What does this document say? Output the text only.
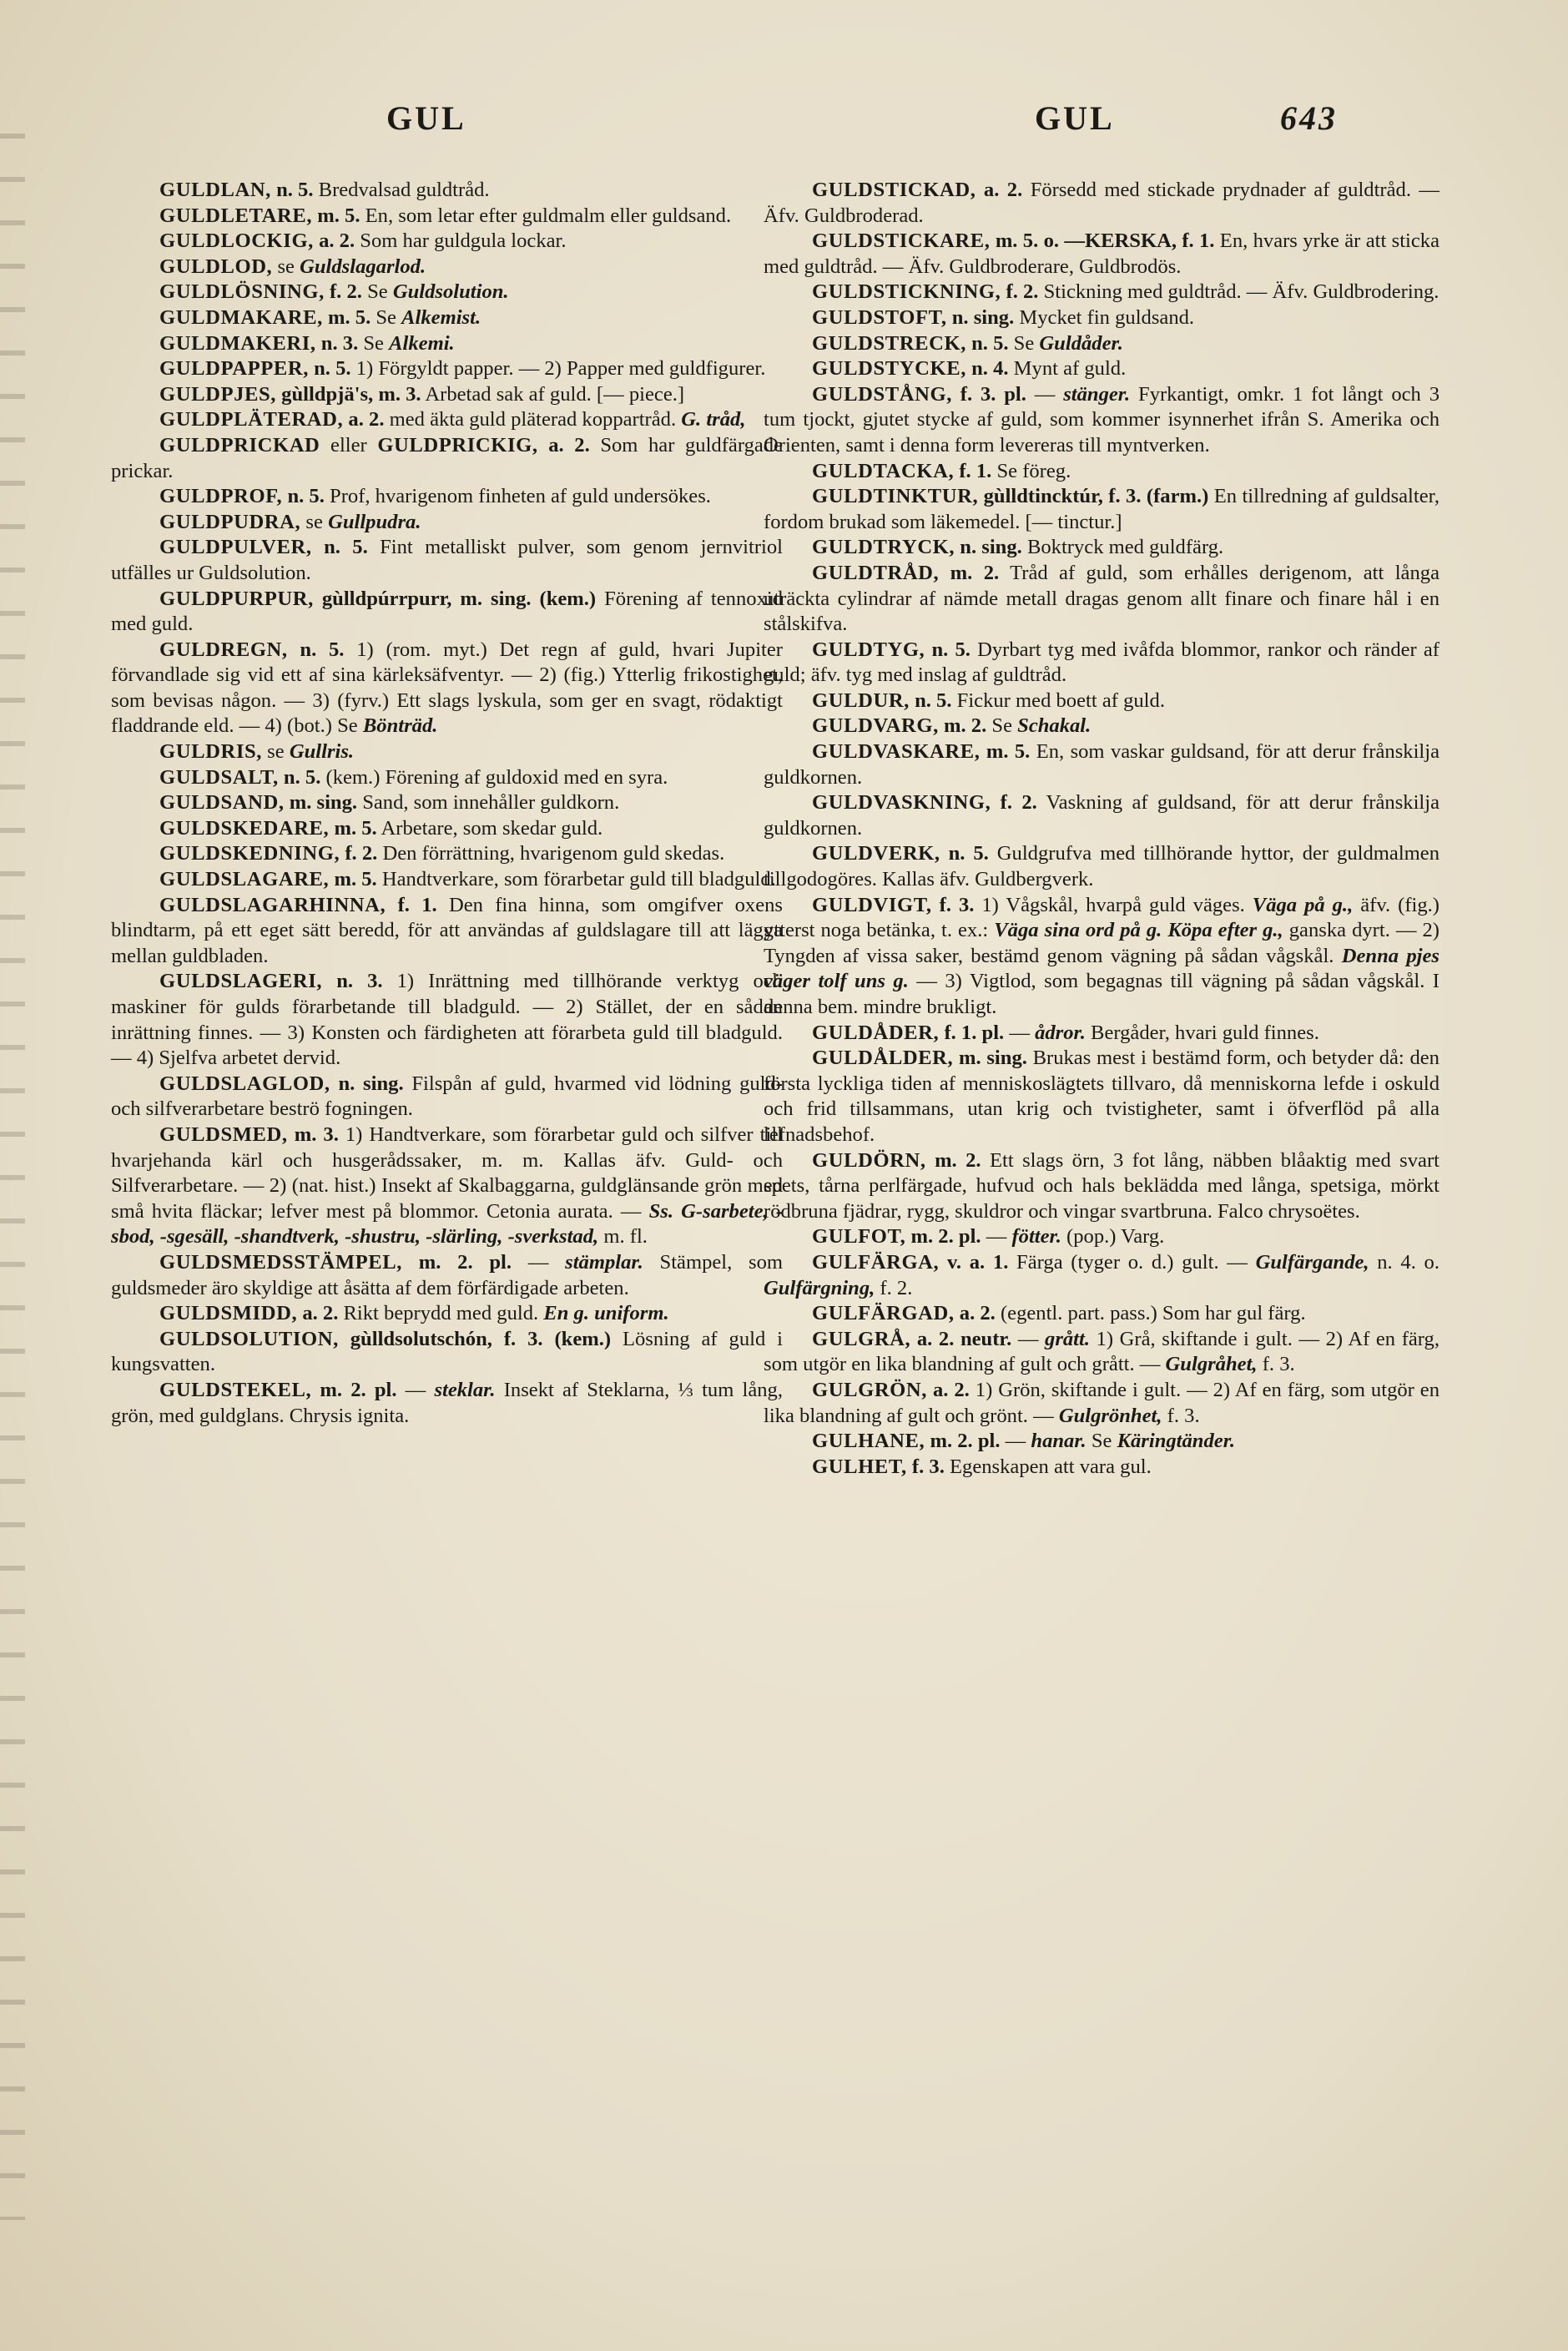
GUL	GUL	643

GULDLAN, n. 5. Bredvalsad guldtråd.

GULDLETARE, m. 5. En, som letar efter guldmalm eller guldsand.

GULDLOCKIG, a. 2. Som har guldgula lockar.

GULDLOD, se Guldslagarlod.

GULDLÖSNING, f. 2. Se Guldsolution.

GULDMAKARE, m. 5. Se Alkemist.

GULDMAKERI, n. 3. Se Alkemi.

GULDPAPPER, n. 5. 1) Förgyldt papper. — 2) Papper med guldfigurer.

GULDPJES, gùlldpjä's, m. 3. Arbetad sak af guld. [— piece.]

GULDPLÄTERAD, a. 2. med äkta guld pläterad koppartråd. G. tråd,

GULDPRICKAD eller GULDPRICKIG, a. 2. Som har guldfärgade prickar.

GULDPROF, n. 5. Prof, hvarigenom finheten af guld undersökes.

GULDPUDRA, se Gullpudra.

GULDPULVER, n. 5. Fint metalliskt pulver, som genom jernvitriol utfälles ur Guldsolution.

GULDPURPUR, gùlldpúrrpurr, m. sing. (kem.) Förening af tennoxid med guld.

GULDREGN, n. 5. 1) (rom. myt.) Det regn af guld, hvari Jupiter förvandlade sig vid ett af sina kärleksäfventyr. — 2) (fig.) Ytterlig frikostighet, som bevisas någon. — 3) (fyrv.) Ett slags lyskula, som ger en svagt, rödaktigt fladdrande eld. — 4) (bot.) Se Bönträd.

GULDRIS, se Gullris.

GULDSALT, n. 5. (kem.) Förening af guldoxid med en syra.

GULDSAND, m. sing. Sand, som innehåller guldkorn.

GULDSKEDARE, m. 5. Arbetare, som skedar guld.

GULDSKEDNING, f. 2. Den förrättning, hvarigenom guld skedas.

GULDSLAGARE, m. 5. Handtverkare, som förarbetar guld till bladguld.

GULDSLAGARHINNA, f. 1. Den fina hinna, som omgifver oxens blindtarm, på ett eget sätt beredd, för att användas af guldslagare till att lägga mellan guldbladen.

GULDSLAGERI, n. 3. 1) Inrättning med tillhörande verktyg och maskiner för gulds förarbetande till bladguld. — 2) Stället, der en sådan inrättning finnes. — 3) Konsten och färdigheten att förarbeta guld till bladguld. — 4) Sjelfva arbetet dervid.

GULDSLAGLOD, n. sing. Filspån af guld, hvarmed vid lödning guld- och silfverarbetare beströ fogningen.

GULDSMED, m. 3. 1) Handtverkare, som förarbetar guld och silfver till hvarjehanda kärl och husgerådssaker, m. m. Kallas äfv. Guld- och Silfverarbetare. — 2) (nat. hist.) Insekt af Skalbaggarna, guldglänsande grön med små hvita fläckar; lefver mest på blommor. Cetonia aurata. — Ss. G-sarbete, -sbod, -sgesäll, -shandtverk, -shustru, -slärling, -sverkstad, m. fl.

GULDSMEDSSTÄMPEL, m. 2. pl. — stämplar. Stämpel, som guldsmeder äro skyldige att åsätta af dem förfärdigade arbeten.

GULDSMIDD, a. 2. Rikt beprydd med guld. En g. uniform.

GULDSOLUTION, gùlldsolutschón, f. 3. (kem.) Lösning af guld i kungsvatten.

GULDSTEKEL, m. 2. pl. — steklar. Insekt af Steklarna, ⅓ tum lång, grön, med guldglans. Chrysis ignita.

GULDSTICKAD, a. 2. Försedd med stickade prydnader af guldtråd. — Äfv. Guldbroderad.

GULDSTICKARE, m. 5. o. —KERSKA, f. 1. En, hvars yrke är att sticka med guldtråd. — Äfv. Guldbroderare, Guldbrodös.

GULDSTICKNING, f. 2. Stickning med guldtråd. — Äfv. Guldbrodering.

GULDSTOFT, n. sing. Mycket fin guldsand.

GULDSTRECK, n. 5. Se Guldåder.

GULDSTYCKE, n. 4. Mynt af guld.

GULDSTÅNG, f. 3. pl. — stänger. Fyrkantigt, omkr. 1 fot långt och 3 tum tjockt, gjutet stycke af guld, som kommer isynnerhet ifrån S. Amerika och Orienten, samt i denna form levereras till myntverken.

GULDTACKA, f. 1. Se föreg.

GULDTINKTUR, gùlldtincktúr, f. 3. (farm.) En tillredning af guldsalter, fordom brukad som läkemedel. [— tinctur.]

GULDTRYCK, n. sing. Boktryck med guldfärg.

GULDTRÅD, m. 2. Tråd af guld, som erhålles derigenom, att långa uträckta cylindrar af nämde metall dragas genom allt finare och finare hål i en stålskifva.

GULDTYG, n. 5. Dyrbart tyg med ivåfda blommor, rankor och ränder af guld; äfv. tyg med inslag af guldtråd.

GULDUR, n. 5. Fickur med boett af guld.

GULDVARG, m. 2. Se Schakal.

GULDVASKARE, m. 5. En, som vaskar guldsand, för att derur frånskilja guldkornen.

GULDVASKNING, f. 2. Vaskning af guldsand, för att derur frånskilja guldkornen.

GULDVERK, n. 5. Guldgrufva med tillhörande hyttor, der guldmalmen tillgodogöres. Kallas äfv. Guldbergverk.

GULDVIGT, f. 3. 1) Vågskål, hvarpå guld väges. Väga på g., äfv. (fig.) ytterst noga betänka, t. ex.: Väga sina ord på g. Köpa efter g., ganska dyrt. — 2) Tyngden af vissa saker, bestämd genom vägning på sådan vågskål. Denna pjes väger tolf uns g. — 3) Vigtlod, som begagnas till vägning på sådan vågskål. I denna bem. mindre brukligt.

GULDÅDER, f. 1. pl. — ådror. Bergåder, hvari guld finnes.

GULDÅLDER, m. sing. Brukas mest i bestämd form, och betyder då: den första lyckliga tiden af menniskoslägtets tillvaro, då menniskorna lefde i oskuld och frid tillsammans, utan krig och tvistigheter, samt i öfverflöd på alla lefnadsbehof.

GULDÖRN, m. 2. Ett slags örn, 3 fot lång, näbben blåaktig med svart spets, tårna perlfärgade, hufvud och hals beklädda med långa, spetsiga, mörkt rödbruna fjädrar, rygg, skuldror och vingar svartbruna. Falco chrysoëtes.

GULFOT, m. 2. pl. — fötter. (pop.) Varg.

GULFÄRGA, v. a. 1. Färga (tyger o. d.) gult. — Gulfärgande, n. 4. o. Gulfärgning, f. 2.

GULFÄRGAD, a. 2. (egentl. part. pass.) Som har gul färg.

GULGRÅ, a. 2. neutr. — grått. 1) Grå, skiftande i gult. — 2) Af en färg, som utgör en lika blandning af gult och grått. — Gulgråhet, f. 3.

GULGRÖN, a. 2. 1) Grön, skiftande i gult. — 2) Af en färg, som utgör en lika blandning af gult och grönt. — Gulgrönhet, f. 3.

GULHANE, m. 2. pl. — hanar. Se Käringtänder.

GULHET, f. 3. Egenskapen att vara gul.
